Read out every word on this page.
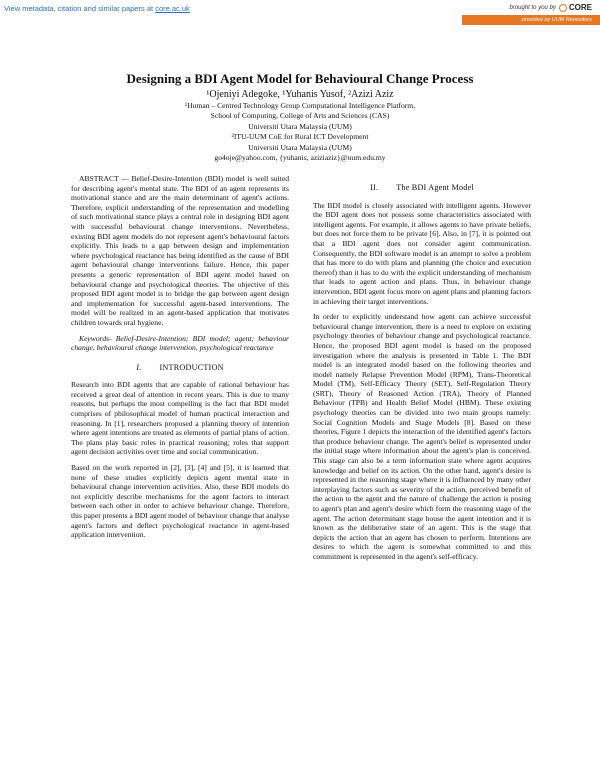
View metadata, citation and similar papers at core.ac.uk	brought to you by CORE
provided by UUM Repository
Designing a BDI Agent Model for Behavioural Change Process
¹Ojeniyi Adegoke, ¹Yuhanis Yusof, ²Azizi Aziz
¹Human – Centred Technology Group Computational Intelligence Platform,
School of Computing, College of Arts and Sciences (CAS)
Universiti Utara Malaysia (UUM)
²ITU-UUM CoE for Rural ICT Development
Universiti Utara Malaysia (UUM)
go4oje@yahoo.com, {yuhanis, aziziaziz}@uum.edu.my

ABSTRACT — Belief-Desire-Intention (BDI) model is well suited for describing agent's mental state. The BDI of an agent represents its motivational stance and are the main determinant of agent's actions. Therefore, explicit understanding of the representation and modelling of such motivational stance plays a central role in designing BDI agent with successful behavioural change interventions. Nevertheless, existing BDI agent models do not represent agent's behavioural factors explicitly. This leads to a gap between design and implementation where psychological reactance has being identified as the cause of BDI agent behavioural change interventions failure. Hence, this paper presents a generic representation of BDI agent model based on behavioural change and psychological theories. The objective of this proposed BDI agent model is to bridge the gap between agent design and implementation for successful agent-based interventions. The model will be realized in an agent-based application that motivates children towards oral hygiene.

Keywords- Belief-Desire-Intention; BDI model; agent; behaviour change, behavioural change intervention, psychological reactance

I. INTRODUCTION

Research into BDI agents that are capable of rational behaviour has received a great deal of attention in recent years. This is due to many reasons, but perhaps the most compelling is the fact that BDI model comprises of philosophical model of human practical interaction and reasoning. In [1], researchers proposed a planning theory of intention where agent intentions are treated as elements of partial plans of action. The plans play basic roles in practical reasoning; roles that support agent decision activities over time and social communication.

Based on the work reported in [2], [3], [4] and [5], it is learned that none of these studies explicitly depicts agent mental state in behavioural change intervention activities. Also, these BDI models do not explicitly describe mechanisms for the agent factors to interact between each other in order to achieve behaviour change. Therefore, this paper presents a BDI agent model of behaviour change that analyse agent's factors and deflect psychological reactance in agent-based application intervention.

II. The BDI Agent Model

The BDI model is closely associated with intelligent agents. However the BDI agent does not possess some characteristics associated with intelligent agents. For example, it allows agents to have private beliefs, but does not force them to be private [6]. Also, in [7], it is pointed out that a BDI agent does not consider agent communication. Consequently, the BDI software model is an attempt to solve a problem that has more to do with plans and planning (the choice and execution thereof) than it has to do with the explicit understanding of mechanism that leads to agent action and plans. Thus, in behaviour change intervention, BDI agent focus more on agent plans and planning factors in achieving their target interventions.

In order to explicitly understand how agent can achieve successful behavioural change intervention, there is a need to explore on existing psychology theories of behaviour change and psychological reactance. Hence, the proposed BDI agent model is based on the proposed investigation where the analysis is presented in Table 1. The BDI model is an integrated model based on the following theories and model namely Relapse Prevention Model (RPM), Trans-Theoretical Model (TM), Self-Efficacy Theory (SET), Self-Regulation Theory (SRT), Theory of Reasoned Action (TRA), Theory of Planned Behaviour (TPB) and Health Belief Model (HBM). These existing psychology theories can be divided into two main groups namely: Social Cognition Models and Stage Models [8]. Based on these theories, Figure 1 depicts the interaction of the identified agent's factors that produce behaviour change. The agent's belief is represented under the initial stage where information about the agent's plan is conceived. This stage can also be a term information state where agent acquires knowledge and belief on its action. On the other hand, agent's desire is represented in the reasoning stage where it is influenced by many other interplaying factors such as severity of the action, perceived benefit of the action to the agent and the nature of challenge the action is posing to agent's plan and agent's desire which form the reasoning stage of the agent. The action determinant stage house the agent intention and it is known as the deliberative state of an agent. This is the stage that depicts the action that an agent has chosen to perform. Intentions are desires to which the agent is somewhat committed to and this commitment is represented in the agent's self-efficacy.
